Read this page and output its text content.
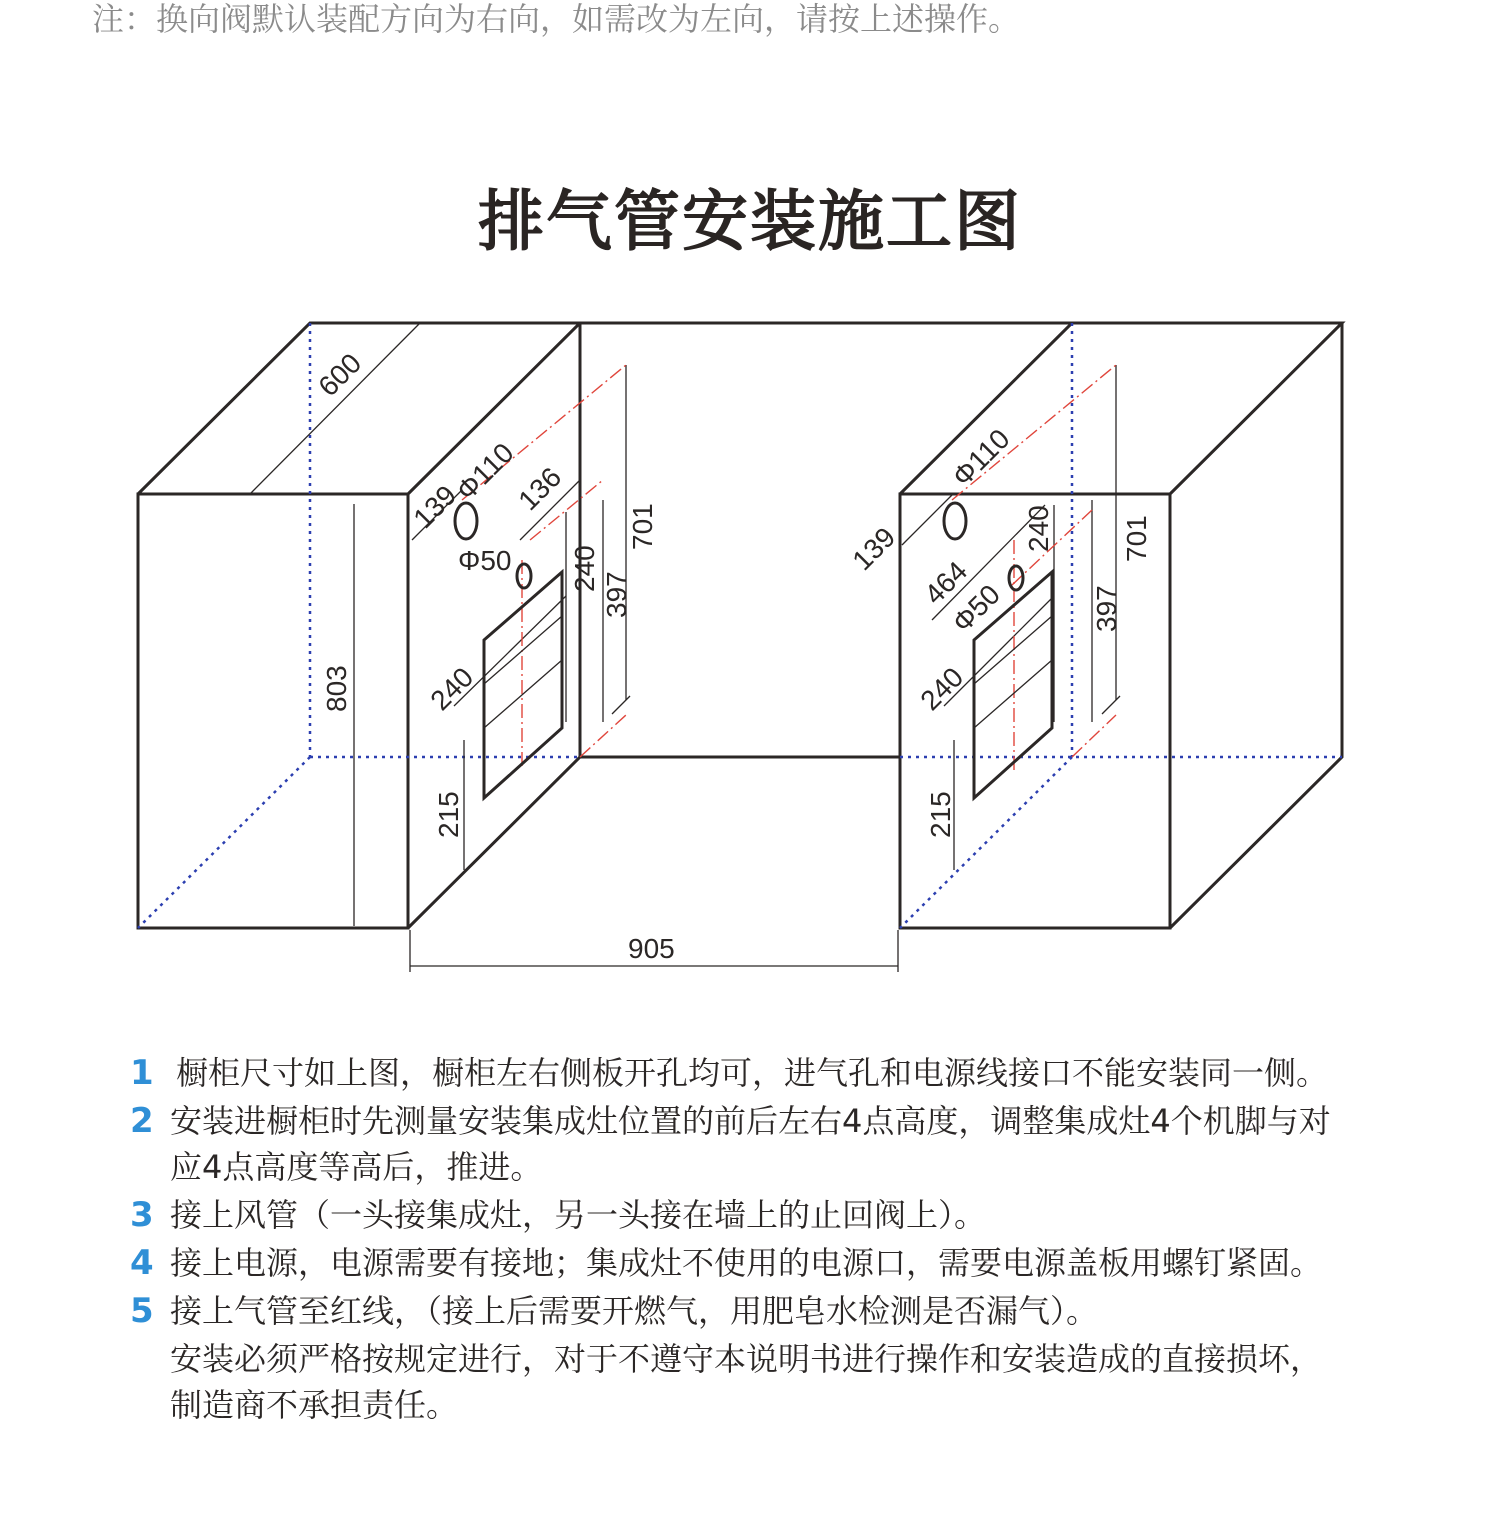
注：换向阀默认装配方向为右向，如需改为左向，请按上述操作。
排气管安装施工图
600
803
905
139
Φ110
136
Φ50 240
701
397
240
215
Φ110
139	240 701
464
Φ50	397
240
215
1 橱柜尺寸如上图，橱柜左右侧板开孔均可，进气孔和电源线接口不能安装同一侧。
2 安装进橱柜时先测量安装集成灶位置的前后左右4点高度，调整集成灶4个机脚与对应4点高度等高后，推进。
3 接上风管（一头接集成灶，另一头接在墙上的止回阀上）。
4 接上电源，电源需要有接地；集成灶不使用的电源口，需要电源盖板用螺钉紧固。
5 接上气管至红线，（接上后需要开燃气，用肥皂水检测是否漏气）。
安装必须严格按规定进行，对于不遵守本说明书进行操作和安装造成的直接损坏，制造商不承担责任。
